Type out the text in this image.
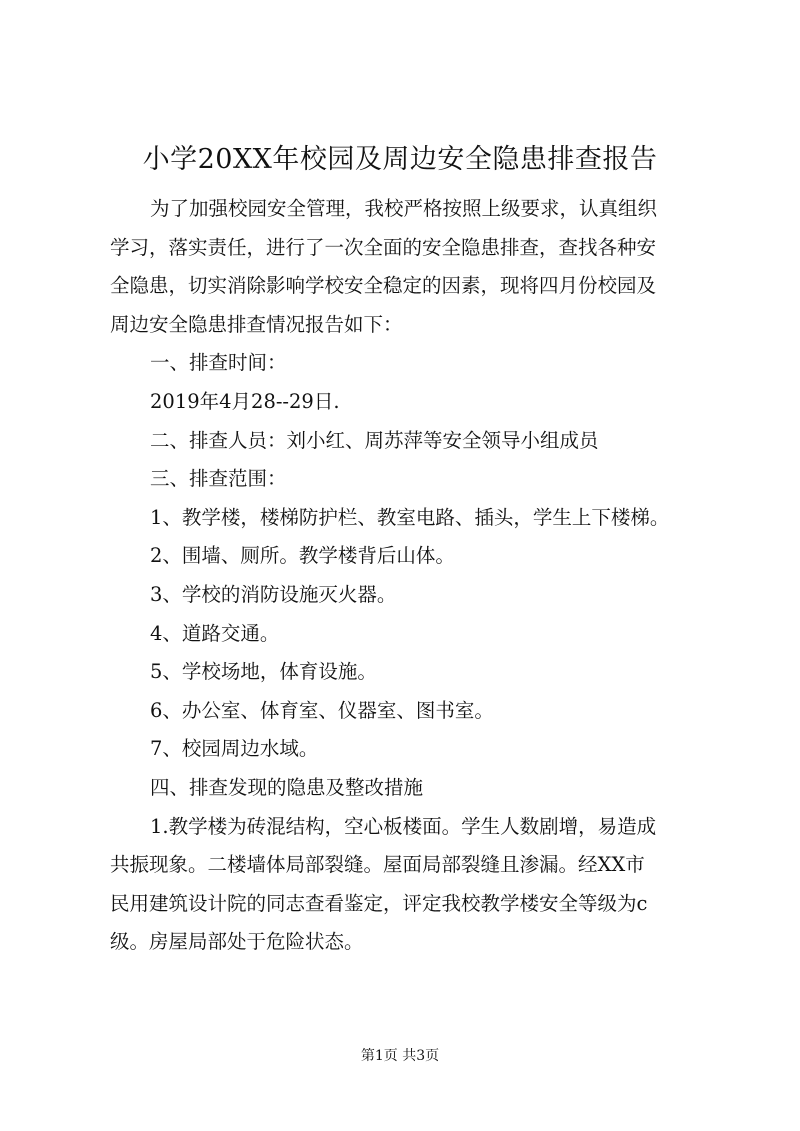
小学20XX年校园及周边安全隐患排查报告

为了加强校园安全管理，我校严格按照上级要求，认真组织

学习，落实责任，进行了一次全面的安全隐患排查，查找各种安

全隐患，切实消除影响学校安全稳定的因素，现将四月份校园及

周边安全隐患排查情况报告如下：

一、排查时间：

2019年4月28--29日.

二、排查人员：刘小红、周苏萍等安全领导小组成员

三、排查范围：

1、教学楼，楼梯防护栏、教室电路、插头，学生上下楼梯。

2、围墙、厕所。教学楼背后山体。

3、学校的消防设施灭火器。

4、道路交通。

5、学校场地，体育设施。

6、办公室、体育室、仪器室、图书室。

7、校园周边水域。

四、排查发现的隐患及整改措施

1.教学楼为砖混结构，空心板楼面。学生人数剧增，易造成

共振现象。二楼墙体局部裂缝。屋面局部裂缝且渗漏。经XX市

民用建筑设计院的同志查看鉴定，评定我校教学楼安全等级为c

级。房屋局部处于危险状态。

第1页 共3页
